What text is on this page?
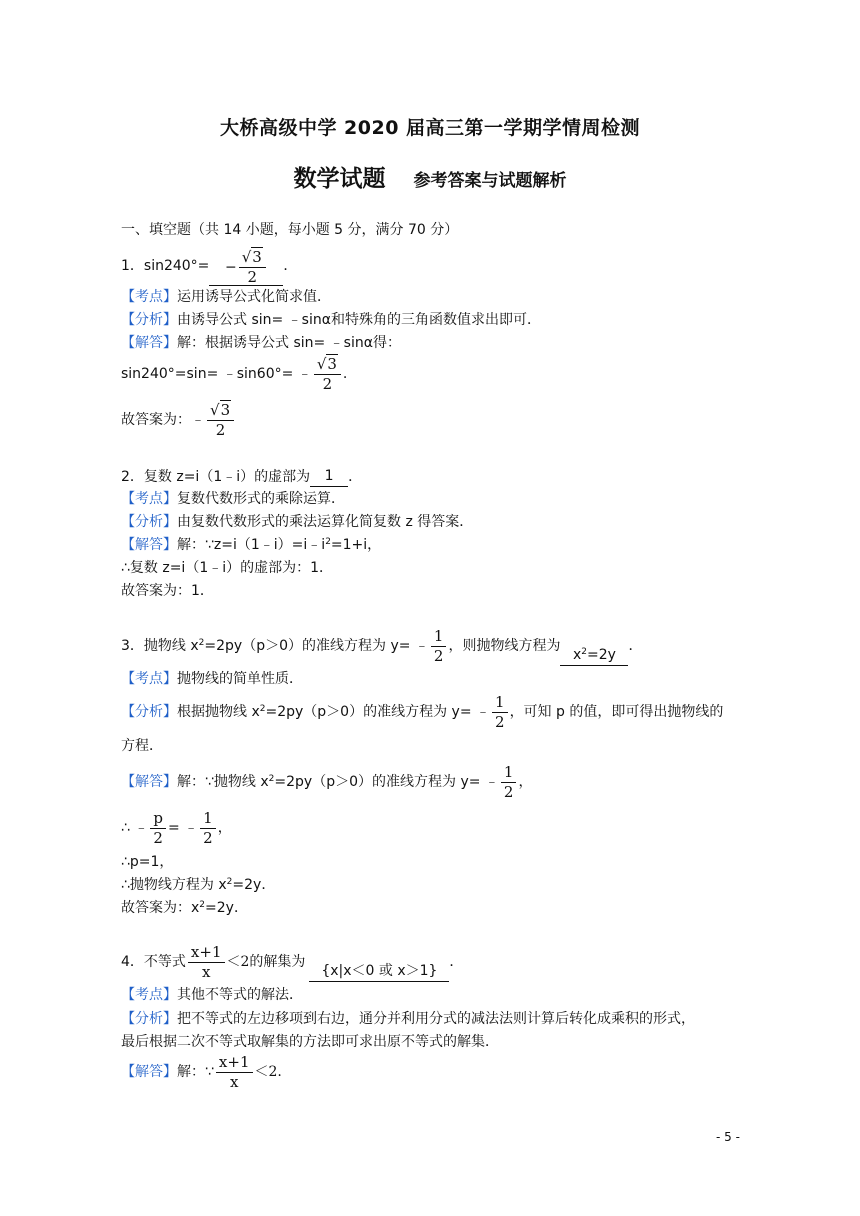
大桥高级中学 2020 届高三第一学期学情周检测
数学试题 参考答案与试题解析
一、填空题（共 14 小题，每小题 5 分，满分 70 分）
1．$\sin 240^\circ= - \frac{√3}{2}$ ．
【考点】运用诱导公式化简求值．
【分析】由诱导公式 sin= ﹣sinα和特殊角的三角函数值求出即可．
【解答】解：根据诱导公式 sin= ﹣sinα得：
sin240°=sin= ﹣sin60°= ﹣ $\frac{√3}{2}$ .
故答案为：﹣ $\frac{√3}{2}$
2．复数 z=i（1﹣i）的虚部为 1 ．
【考点】复数代数形式的乘除运算．
【分析】由复数代数形式的乘法运算化简复数 z 得答案．
【解答】解：$\because z=i(1﹣i)=i﹣i^2=1+i$，
∴复数 z=i（1﹣i）的虚部为：1．
故答案为：1．
3．抛物线 $x^2=2py(p>0)$的准线方程为 y= ﹣ $\frac{1}{2}$ ，则抛物线方程为$x^2=2y$．
【考点】抛物线的简单性质．
【分析】根据抛物线 $x^2=2py(p>0)$的准线方程为 y= ﹣ $\frac{1}{2}$ ，可知 p 的值，即可得出抛物线的
方程．
【解答】解：∵抛物线 $x^2=2py(p>0)$的准线方程为 y= ﹣ $\frac{1}{2}$ ，
∴ ﹣ $\frac{p}{2}$ = ﹣ $\frac{1}{2}$ ，
∴p=1，
∴抛物线方程为 $x^2=2y$．
故答案为：$x^2=2y$．
4．不等式 $\frac{x+1}{x} <2$的解集为{x|x＜0 或 x＞1}．
【考点】其他不等式的解法．
【分析】把不等式的左边移项到右边，通分并利用分式的减法法则计算后转化成乘积的形式，
最后根据二次不等式取解集的方法即可求出原不等式的解集．
【解答】解：∵ $\frac{x+1}{x} <2$.
- 5 -
